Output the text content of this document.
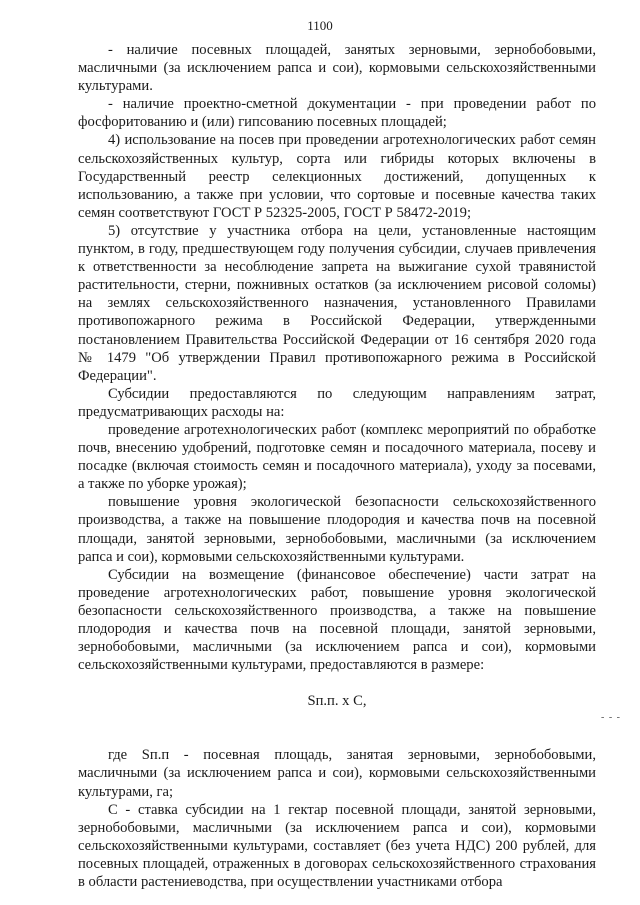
1100

- наличие посевных площадей, занятых зерновыми, зернобобовыми, масличными (за исключением рапса и сои), кормовыми сельскохозяйственными культурами.

- наличие проектно-сметной документации - при проведении работ по фосфоритованию и (или) гипсованию посевных площадей;

4) использование на посев при проведении агротехнологических работ семян сельскохозяйственных культур, сорта или гибриды которых включены в Государственный реестр селекционных достижений, допущенных к использованию, а также при условии, что сортовые и посевные качества таких семян соответствуют ГОСТ Р 52325-2005, ГОСТ Р 58472-2019;

5) отсутствие у участника отбора на цели, установленные настоящим пунктом, в году, предшествующем году получения субсидии, случаев привлечения к ответственности за несоблюдение запрета на выжигание сухой травянистой растительности, стерни, пожнивных остатков (за исключением рисовой соломы) на землях сельскохозяйственного назначения, установленного Правилами противопожарного режима в Российской Федерации, утвержденными постановлением Правительства Российской Федерации от 16 сентября 2020 года № 1479 "Об утверждении Правил противопожарного режима в Российской Федерации".

Субсидии предоставляются по следующим направлениям затрат, предусматривающих расходы на:

проведение агротехнологических работ (комплекс мероприятий по обработке почв, внесению удобрений, подготовке семян и посадочного материала, посеву и посадке (включая стоимость семян и посадочного материала), уходу за посевами, а также по уборке урожая);

повышение уровня экологической безопасности сельскохозяйственного производства, а также на повышение плодородия и качества почв на посевной площади, занятой зерновыми, зернобобовыми, масличными (за исключением рапса и сои), кормовыми сельскохозяйственными культурами.

Субсидии на возмещение (финансовое обеспечение) части затрат на проведение агротехнологических работ, повышение уровня экологической безопасности сельскохозяйственного производства, а также на повышение плодородия и качества почв на посевной площади, занятой зерновыми, зернобобовыми, масличными (за исключением рапса и сои), кормовыми сельскохозяйственными культурами, предоставляются в размере:

Sп.п. x C,

где Sп.п - посевная площадь, занятая зерновыми, зернобобовыми, масличными (за исключением рапса и сои), кормовыми сельскохозяйственными культурами, га;

С - ставка субсидии на 1 гектар посевной площади, занятой зерновыми, зернобобовыми, масличными (за исключением рапса и сои), кормовыми сельскохозяйственными культурами, составляет (без учета НДС) 200 рублей, для посевных площадей, отраженных в договорах сельскохозяйственного страхования в области растениеводства, при осуществлении участниками отбора

- - -
